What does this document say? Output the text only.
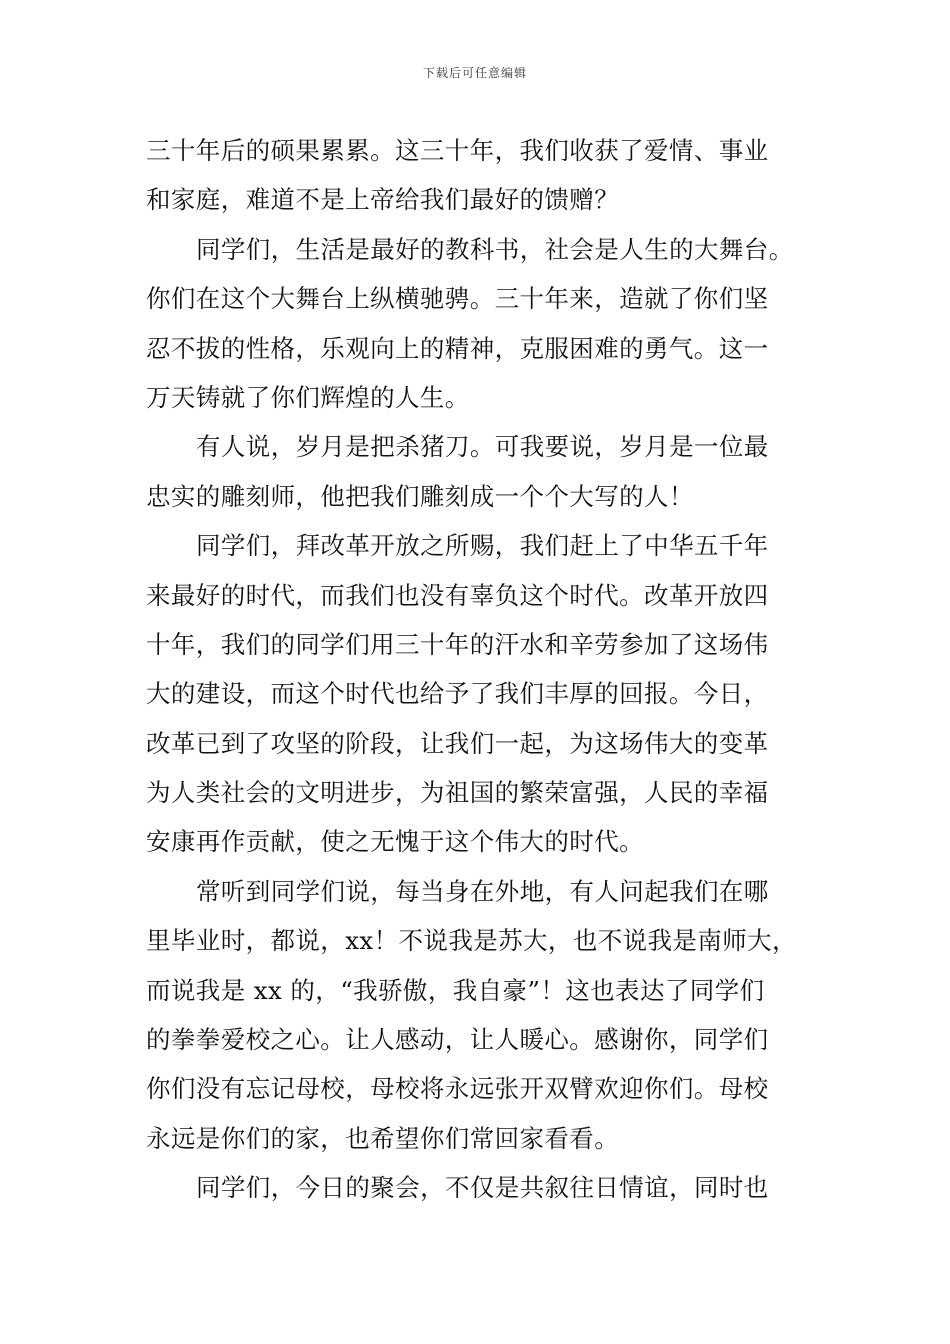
下载后可任意编辑
三十年后的硕果累累。这三十年，我们收获了爱情、事业
和家庭，难道不是上帝给我们最好的馈赠？
同学们，生活是最好的教科书，社会是人生的大舞台。
你们在这个大舞台上纵横驰骋。三十年来，造就了你们坚
忍不拔的性格，乐观向上的精神，克服困难的勇气。这一
万天铸就了你们辉煌的人生。
有人说，岁月是把杀猪刀。可我要说，岁月是一位最
忠实的雕刻师，他把我们雕刻成一个个大写的人！
同学们，拜改革开放之所赐，我们赶上了中华五千年
来最好的时代，而我们也没有辜负这个时代。改革开放四
十年，我们的同学们用三十年的汗水和辛劳参加了这场伟
大的建设，而这个时代也给予了我们丰厚的回报。今日，
改革已到了攻坚的阶段，让我们一起，为这场伟大的变革
为人类社会的文明进步，为祖国的繁荣富强，人民的幸福
安康再作贡献，使之无愧于这个伟大的时代。
常听到同学们说，每当身在外地，有人问起我们在哪
里毕业时，都说，xx！不说我是苏大，也不说我是南师大，
而说我是 xx 的，“我骄傲，我自豪”！这也表达了同学们
的拳拳爱校之心。让人感动，让人暖心。感谢你，同学们
你们没有忘记母校，母校将永远张开双臂欢迎你们。母校
永远是你们的家，也希望你们常回家看看。
同学们，今日的聚会，不仅是共叙往日情谊，同时也
